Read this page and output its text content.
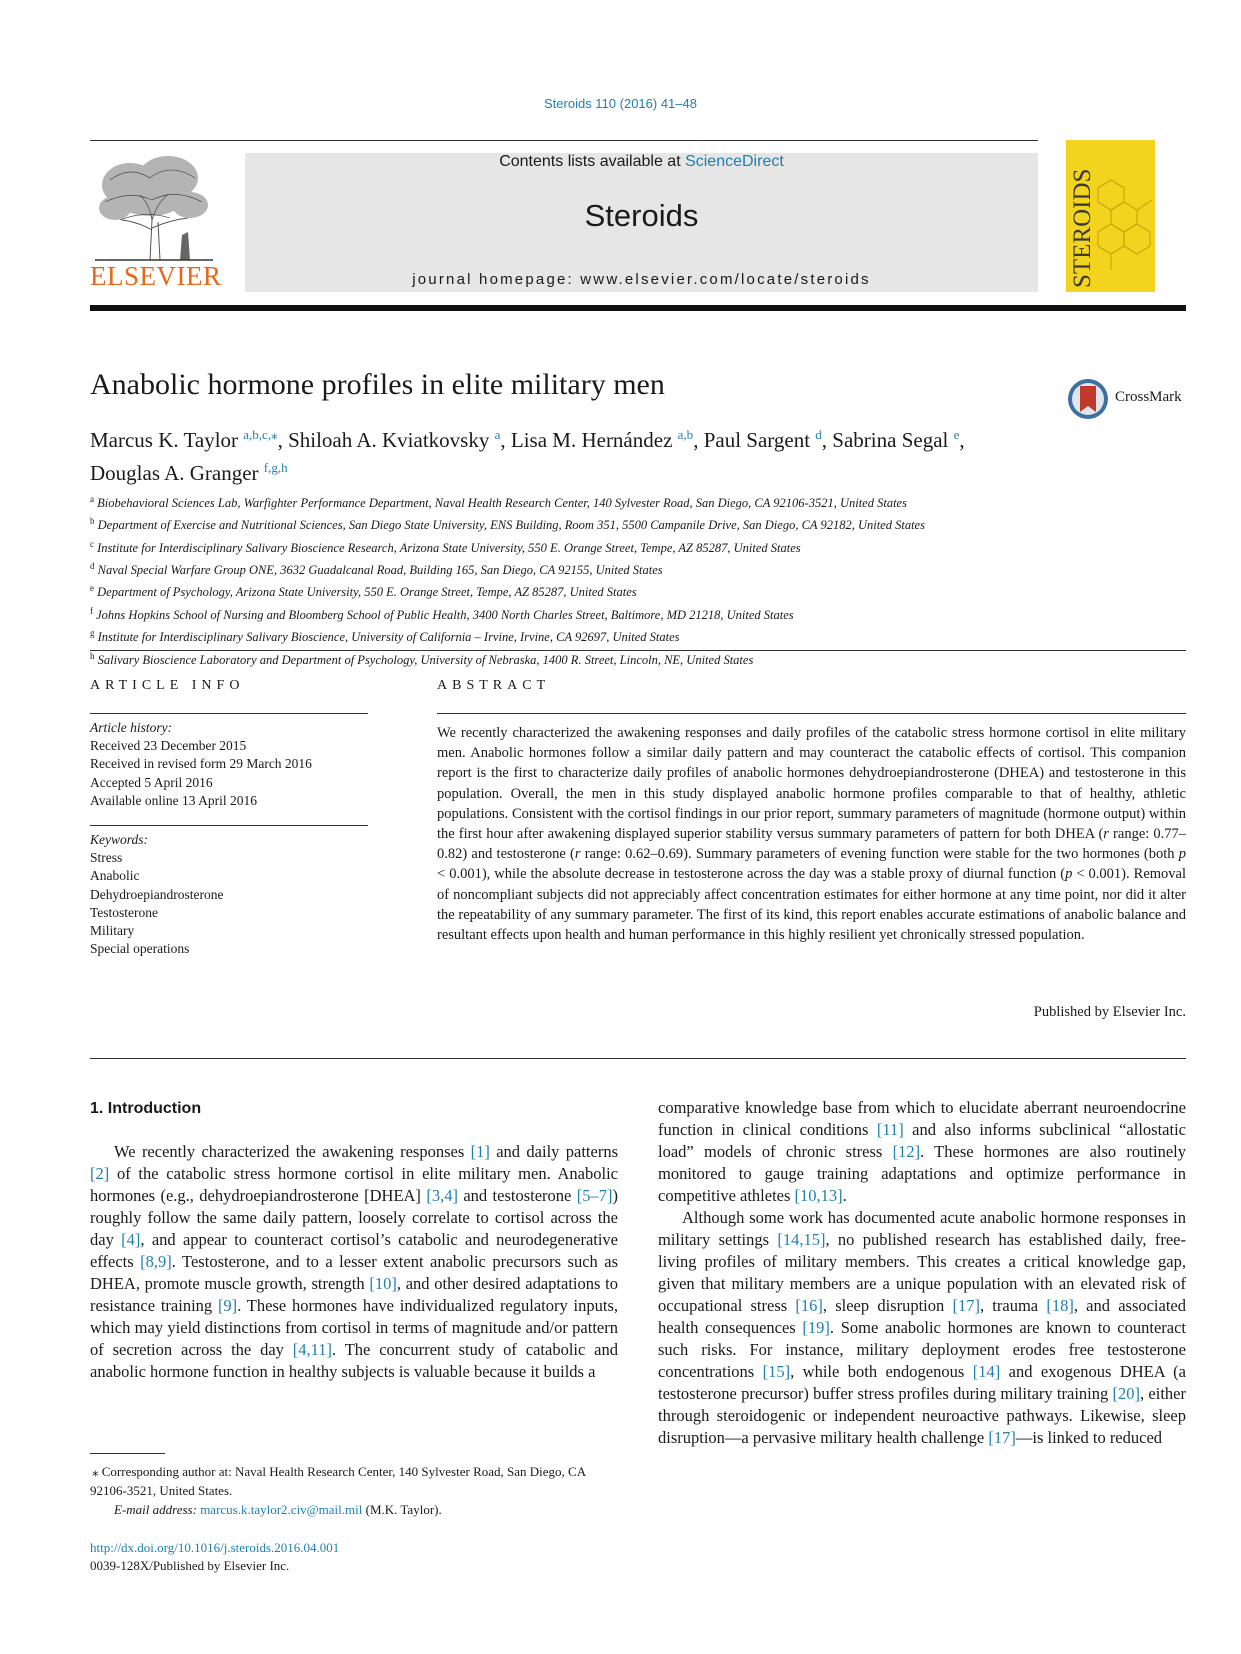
Steroids 110 (2016) 41–48
ELSEVIER
Contents lists available at ScienceDirect
Steroids
journal homepage: www.elsevier.com/locate/steroids	STEROIDS
Anabolic hormone profiles in elite military men	CrossMark
Marcus K. Taylor $^{a,b,c,⁎}$, Shiloah A. Kviatkovsky $^a$, Lisa M. Hernández $^{a,b}$, Paul Sargent $^d$, Sabrina Segal $^e$,
Douglas A. Granger $^{f,g,h}$
$^a$ Biobehavioral Sciences Lab, Warfighter Performance Department, Naval Health Research Center, 140 Sylvester Road, San Diego, CA 92106-3521, United States
$^b$ Department of Exercise and Nutritional Sciences, San Diego State University, ENS Building, Room 351, 5500 Campanile Drive, San Diego, CA 92182, United States
$^c$ Institute for Interdisciplinary Salivary Bioscience Research, Arizona State University, 550 E. Orange Street, Tempe, AZ 85287, United States
$^d$ Naval Special Warfare Group ONE, 3632 Guadalcanal Road, Building 165, San Diego, CA 92155, United States
$^e$ Department of Psychology, Arizona State University, 550 E. Orange Street, Tempe, AZ 85287, United States
$^f$ Johns Hopkins School of Nursing and Bloomberg School of Public Health, 3400 North Charles Street, Baltimore, MD 21218, United States
$^g$ Institute for Interdisciplinary Salivary Bioscience, University of California – Irvine, Irvine, CA 92697, United States
$^h$ Salivary Bioscience Laboratory and Department of Psychology, University of Nebraska, 1400 R. Street, Lincoln, NE, United States
ARTICLE INFO
Article history:
Received 23 December 2015
Received in revised form 29 March 2016
Accepted 5 April 2016
Available online 13 April 2016
Keywords:
Stress
Anabolic
Dehydroepiandrosterone
Testosterone
Military
Special operations
ABSTRACT
We recently characterized the awakening responses and daily profiles of the catabolic stress hormone cortisol in elite military men. Anabolic hormones follow a similar daily pattern and may counteract the catabolic effects of cortisol. This companion report is the first to characterize daily profiles of anabolic hormones dehydroepiandrosterone (DHEA) and testosterone in this population. Overall, the men in this study displayed anabolic hormone profiles comparable to that of healthy, athletic populations. Consistent with the cortisol findings in our prior report, summary parameters of magnitude (hormone output) within the first hour after awakening displayed superior stability versus summary parameters of pattern for both DHEA (r range: 0.77–0.82) and testosterone (r range: 0.62–0.69). Summary parameters of evening function were stable for the two hormones (both p < 0.001), while the absolute decrease in testosterone across the day was a stable proxy of diurnal function (p < 0.001). Removal of noncompliant subjects did not appreciably affect concentration estimates for either hormone at any time point, nor did it alter the repeatability of any summary parameter. The first of its kind, this report enables accurate estimations of anabolic balance and resultant effects upon health and human performance in this highly resilient yet chronically stressed population.
Published by Elsevier Inc.
1. Introduction

We recently characterized the awakening responses [1] and daily patterns [2] of the catabolic stress hormone cortisol in elite military men. Anabolic hormones (e.g., dehydroepiandrosterone [DHEA] [3,4] and testosterone [5–7]) roughly follow the same daily pattern, loosely correlate to cortisol across the day [4], and appear to counteract cortisol’s catabolic and neurodegenerative effects [8,9]. Testosterone, and to a lesser extent anabolic precursors such as DHEA, promote muscle growth, strength [10], and other desired adaptations to resistance training [9]. These hormones have individualized regulatory inputs, which may yield distinctions from cortisol in terms of magnitude and/or pattern of secretion across the day [4,11]. The concurrent study of catabolic and anabolic hormone function in healthy subjects is valuable because it builds a

comparative knowledge base from which to elucidate aberrant neuroendocrine function in clinical conditions [11] and also informs subclinical “allostatic load” models of chronic stress [12]. These hormones are also routinely monitored to gauge training adaptations and optimize performance in competitive athletes [10,13].

Although some work has documented acute anabolic hormone responses in military settings [14,15], no published research has established daily, free-living profiles of military members. This creates a critical knowledge gap, given that military members are a unique population with an elevated risk of occupational stress [16], sleep disruption [17], trauma [18], and associated health consequences [19]. Some anabolic hormones are known to counteract such risks. For instance, military deployment erodes free testosterone concentrations [15], while both endogenous [14] and exogenous DHEA (a testosterone precursor) buffer stress profiles during military training [20], either through steroidogenic or independent neuroactive pathways. Likewise, sleep disruption—a pervasive military health challenge [17]—is linked to reduced

⁎ Corresponding author at: Naval Health Research Center, 140 Sylvester Road, San Diego, CA 92106-3521, United States.
E-mail address: marcus.k.taylor2.civ@mail.mil (M.K. Taylor).
http://dx.doi.org/10.1016/j.steroids.2016.04.001
0039-128X/Published by Elsevier Inc.
